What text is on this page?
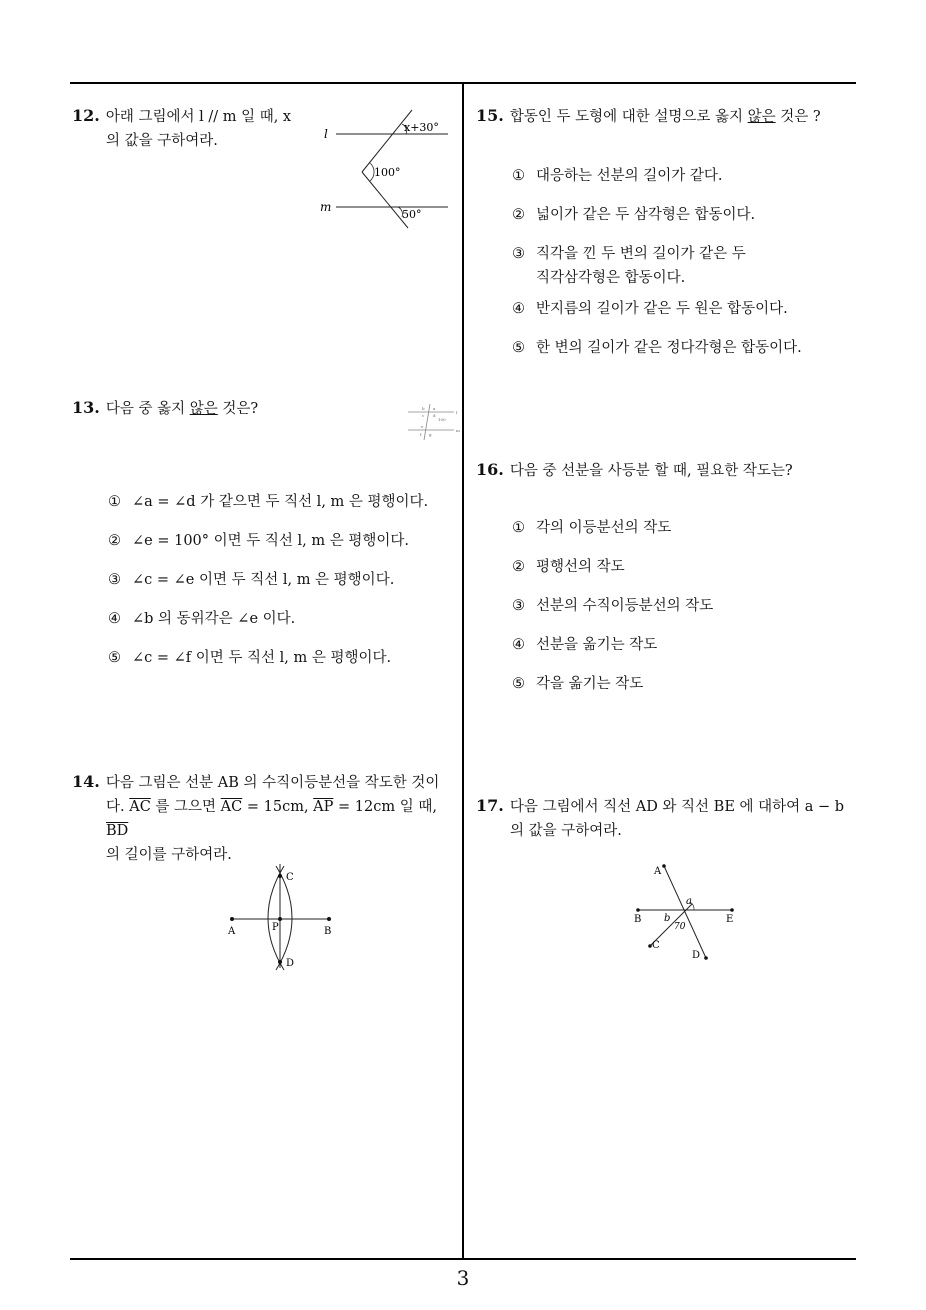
12. 아래 그림에서 l // m 일 때, x
의 값을 구하여라.	l
m
x+30°
100°
50°
13. 다음 중 옳지 않은 것은?	b a
c d
100
e
f g
l
m
① ∠a = ∠d 가 같으면 두 직선 l, m 은 평행이다.
② ∠e = 100° 이면 두 직선 l, m 은 평행이다.
③ ∠c = ∠e 이면 두 직선 l, m 은 평행이다.
④ ∠b 의 동위각은 ∠e 이다.
⑤ ∠c = ∠f 이면 두 직선 l, m 은 평행이다.
14. 다음 그림은 선분 AB 의 수직이등분선을 작도한 것이
다. $\overline{AC}$ 를 그으면 $\overline{AC} = 15cm$, $\overline{AP} = 12cm$ 일 때, $\overline{BD}$
의 길이를 구하여라.
A	B
P
C
D
15. 합동인 두 도형에 대한 설명으로 옳지 않은 것은 ?
① 대응하는 선분의 길이가 같다.
② 넓이가 같은 두 삼각형은 합동이다.
③ 직각을 낀 두 변의 길이가 같은 두
직각삼각형은 합동이다.
④ 반지름의 길이가 같은 두 원은 합동이다.
⑤ 한 변의 길이가 같은 정다각형은 합동이다.
16. 다음 중 선분을 사등분 할 때, 필요한 작도는?
① 각의 이등분선의 작도
② 평행선의 작도
③ 선분의 수직이등분선의 작도
④ 선분을 옮기는 작도
⑤ 각을 옮기는 작도
17. 다음 그림에서 직선 AD 와 직선 BE 에 대하여 a − b
의 값을 구하여라.
A
B	E
C
D
a
b
70
3
